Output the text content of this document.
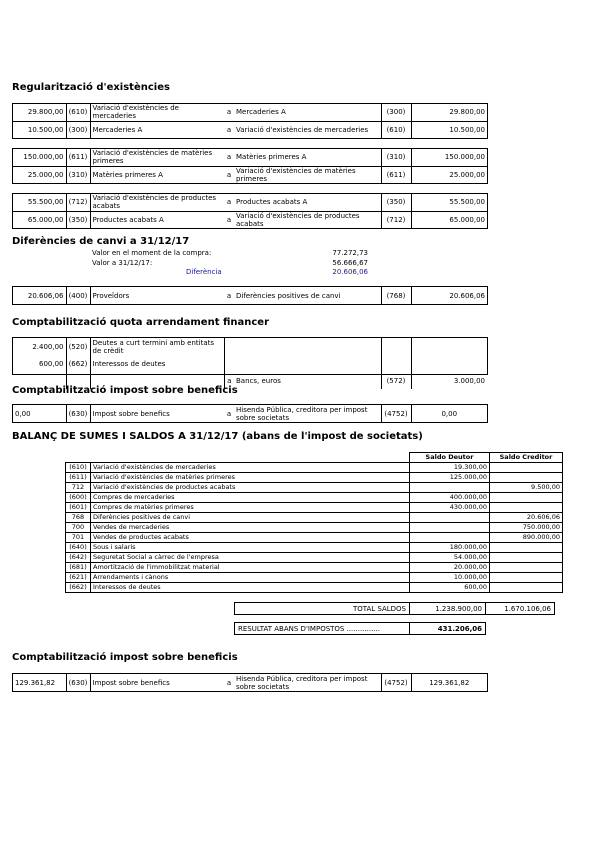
Regularització d'existències
29.800,00	(610)	Variació d'existències de mercaderies	a	Mercaderies A	(300)	29.800,00
10.500,00	(300)	Mercaderies A	a	Variació d'existències de mercaderies	(610)	10.500,00
150.000,00	(611)	Variació d'existències de matèries primeres	a	Matèries primeres A	(310)	150.000,00
25.000,00	(310)	Matèries primeres A	a	Variació d'existències de matèries primeres	(611)	25.000,00
55.500,00	(712)	Variació d'existències de productes acabats	a	Productes acabats A	(350)	55.500,00
65.000,00	(350)	Productes acabats A	a	Variació d'existències de productes acabats	(712)	65.000,00
Diferències de canvi a 31/12/17
Valor en el moment de la compra:	77.272,73
Valor a 31/12/17:	56.666,67
Diferència	20.606,06
20.606,06	(400)	Proveïdors	a	Diferències positives de canvi	(768)	20.606,06
Comptabilització quota arrendament financer
2.400,00	(520)	Deutes a curt termini amb entitats de crèdit				
600,00	(662)	Interessos de deutes				
			a	Bancs, euros	(572)	3.000,00
Comptabilització impost sobre beneficis
0,00	(630)	Impost sobre benefics	a	Hisenda Pública, creditora per impost sobre societats	(4752)	0,00
BALANÇ DE SUMES I SALDOS A 31/12/17 (abans de l'impost de societats)
		Saldo Deutor	Saldo Creditor
(610)	Variació d'existències de mercaderies	19.300,00	
(611)	Variació d'existències de matèries primeres	125.000,00	
712	Variació d'existències de productes acabats		9.500,00
(600)	Compres de mercaderies	400.000,00	
(601)	Compres de matèries primeres	430.000,00	
768	Diferències positives de canvi		20.606,06
700	Vendes de mercaderies		750.000,00
701	Vendes de productes acabats		890.000,00
(640)	Sous i salaris	180.000,00	
(642)	Seguretat Social a càrrec de l'empresa	54.000,00	
(681)	Amortització de l'immobilitzat material	20.000,00	
(621)	Arrendaments i cànons	10.000,00	
(662)	Interessos de deutes	600,00	
TOTAL SALDOS	1.238.900,00	1.670.106,06
RESULTAT ABANS D'IMPOSTOS ...............	431.206,06
Comptabilització impost sobre beneficis
129.361,82	(630)	Impost sobre benefics	a	Hisenda Pública, creditora per impost sobre societats	(4752)	129.361,82
